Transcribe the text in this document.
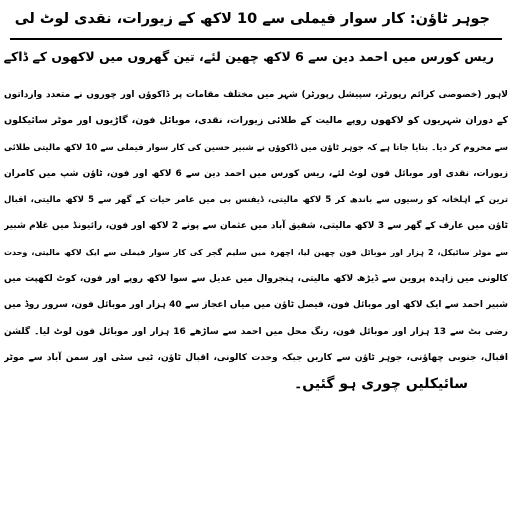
جوہر ٹاؤن: کار سوار فیملی سے 10 لاکھ کے زیورات، نقدی لوٹ لی
ریس کورس میں احمد دین سے 6 لاکھ چھین لئے، تین گھروں میں لاکھوں کے ڈاکے
لاہور (خصوصی کرائم رپورٹر، سپیشل رپورٹر) شہر میں مختلف مقامات پر ڈاکوؤں اور چوروں نے متعدد وارداتوں
کے دوران شہریوں کو لاکھوں روپے مالیت کے طلائی زیورات، نقدی، موبائل فون، گاڑیوں اور موٹر سائیکلوں
سے محروم کر دیا۔ بتایا جاتا ہے کہ جوہر ٹاؤن میں ڈاکوؤں نے شبیر حسین کی کار سوار فیملی سے 10 لاکھ مالیتی طلائی
زیورات، نقدی اور موبائل فون لوٹ لئے، ریس کورس میں احمد دین سے 6 لاکھ اور فون، ٹاؤن شپ میں کامران
ترین کے اہلخانہ کو رسیوں سے باندھ کر 5 لاکھ مالیتی، ڈیفنس بی میں عامر حیات کے گھر سے 5 لاکھ مالیتی، اقبال
ٹاؤن میں عارف کے گھر سے 3 لاکھ مالیتی، شفیق آباد میں عثمان سے پونے 2 لاکھ اور فون، رائیونڈ میں غلام شبیر
سے موٹر سائیکل، 2 ہزار اور موبائل فون چھین لیا، اچھرہ میں سلیم گجر کی کار سوار فیملی سے ایک لاکھ مالیتی، وحدت
کالونی میں زاہدہ پروین سے ڈیڑھ لاکھ مالیتی، ہنجروال میں عدیل سے سوا لاکھ روپے اور فون، کوٹ لکھپت میں
شبیر احمد سے ایک لاکھ اور موبائل فون، فیصل ٹاؤن میں میاں اعجاز سے 40 ہزار اور موبائل فون، سرور روڈ میں
رضی بٹ سے 13 ہزار اور موبائل فون، رنگ محل میں احمد سے ساڑھے 16 ہزار اور موبائل فون لوٹ لیا۔ گلشن
اقبال، جنوبی چھاؤنی، جوہر ٹاؤن سے کاریں جبکہ وحدت کالونی، اقبال ٹاؤن، ٹبی سٹی اور سمن آباد سے موٹر
سائیکلیں چوری ہو گئیں۔
